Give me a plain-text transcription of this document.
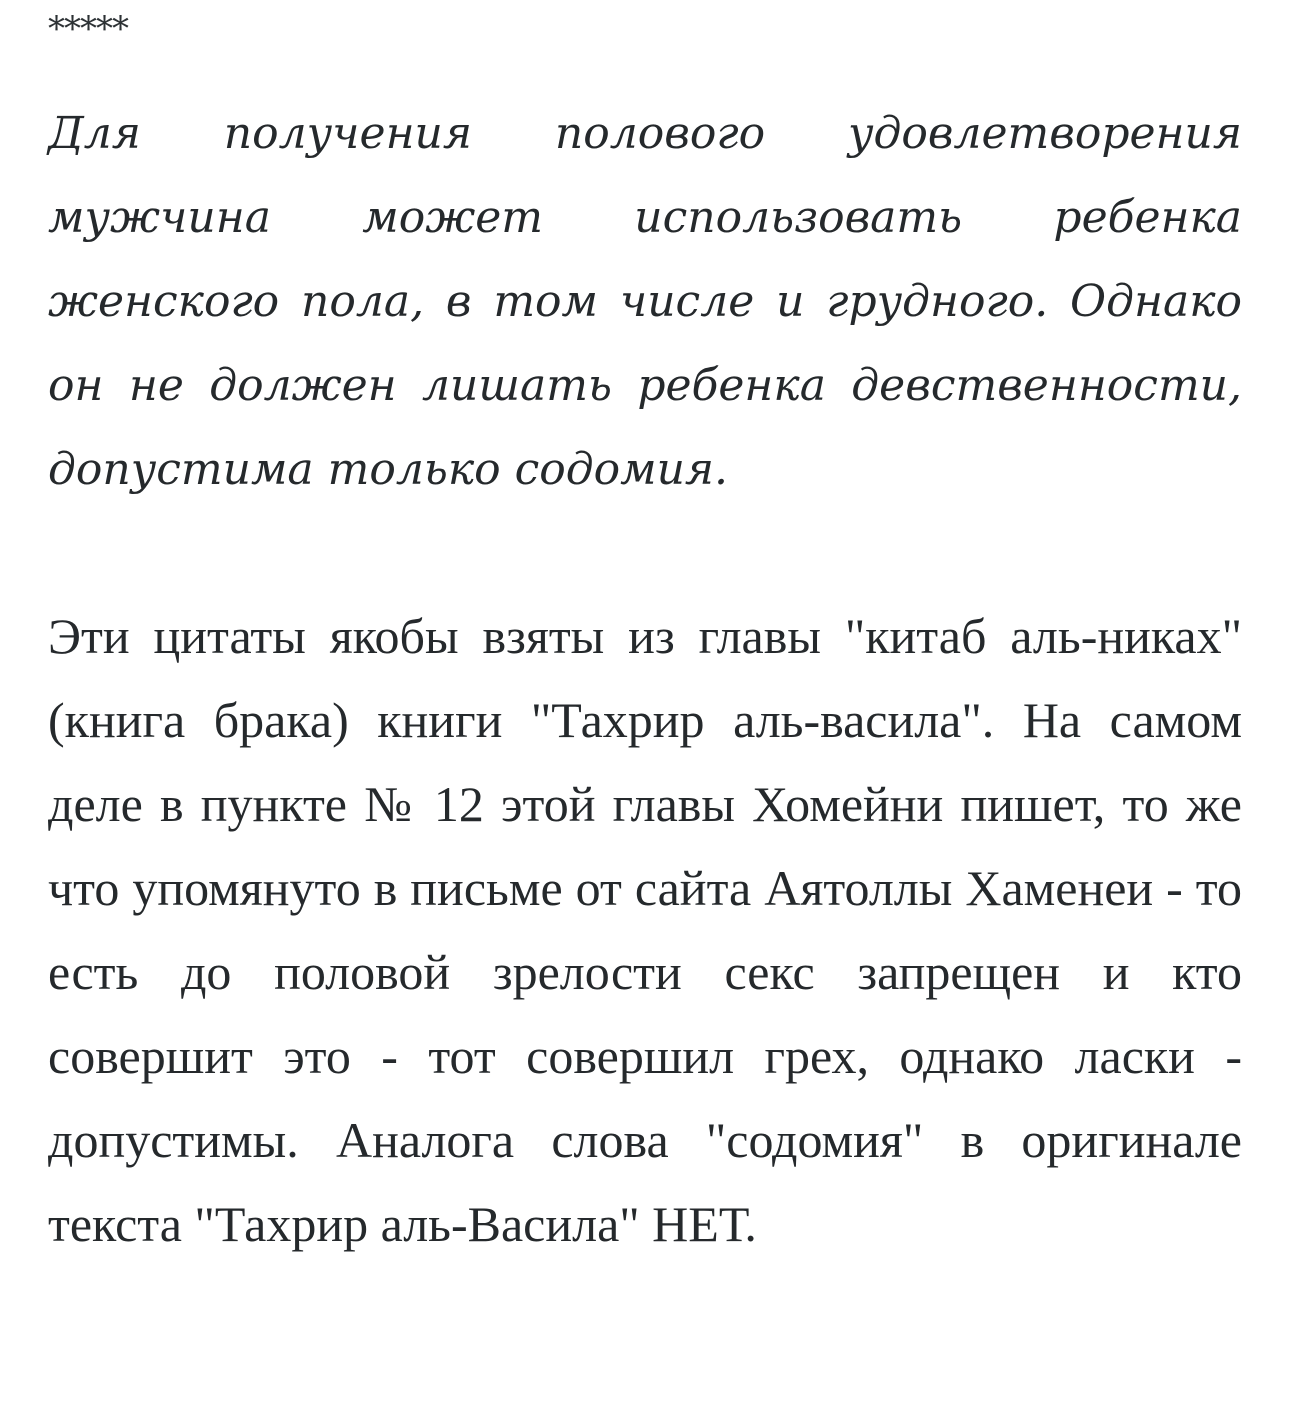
*****

Для получения полового удовлетворения мужчина может использовать ребенка женского пола, в том числе и грудного. Однако он не должен лишать ребенка девственности, допустима только содомия.

Эти цитаты якобы взяты из главы "китаб аль-никах" (книга брака) книги "Тахрир аль-васила". На самом деле в пункте № 12 этой главы Хомейни пишет, то же что упомянуто в письме от сайта Аятоллы Хаменеи - то есть до половой зрелости секс запрещен и кто совершит это - тот совершил грех, однако ласки - допустимы. Аналога слова "содомия" в оригинале текста "Тахрир аль-Васила" НЕТ.
